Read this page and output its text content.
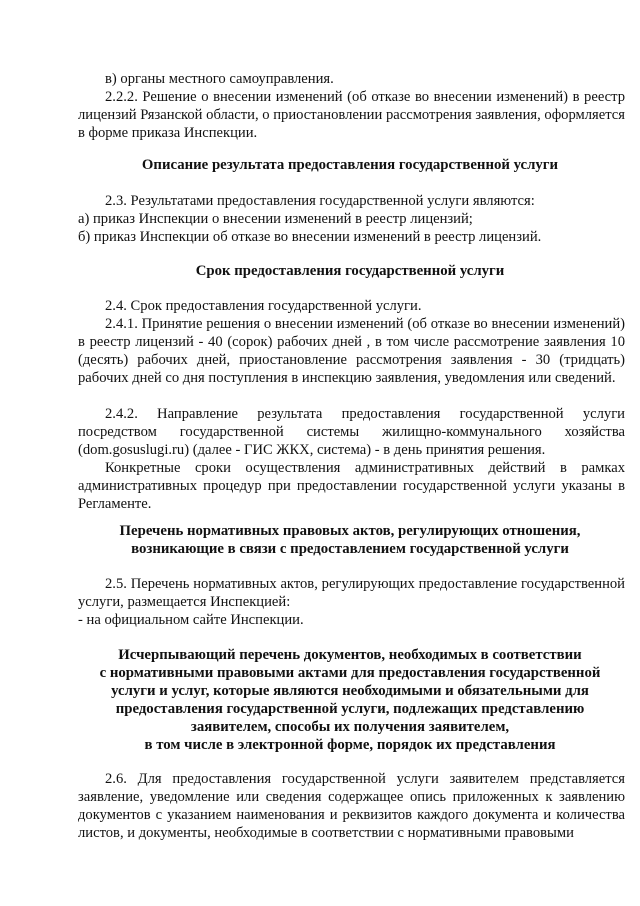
в) органы местного самоуправления.

2.2.2. Решение о внесении изменений (об отказе во внесении изменений) в реестр лицензий Рязанской области, о приостановлении рассмотрения заявления, оформляется в форме приказа Инспекции.

Описание результата предоставления государственной услуги

2.3. Результатами предоставления государственной услуги являются:

а) приказ Инспекции о внесении изменений в реестр лицензий;

б) приказ Инспекции об отказе во внесении изменений в реестр лицензий.

Срок предоставления государственной услуги

2.4. Срок предоставления государственной услуги.

2.4.1. Принятие решения о внесении изменений (об отказе во внесении изменений) в реестр лицензий - 40 (сорок) рабочих дней , в том числе рассмотрение заявления 10 (десять) рабочих дней, приостановление рассмотрения заявления - 30 (тридцать) рабочих дней со дня поступления в инспекцию заявления, уведомления или сведений.

2.4.2. Направление результата предоставления государственной услуги посредством государственной системы жилищно-коммунального хозяйства (dom.gosuslugi.ru) (далее - ГИС ЖКХ, система) - в день принятия решения.

Конкретные сроки осуществления административных действий в рамках административных процедур при предоставлении государственной услуги указаны в Регламенте.

Перечень нормативных правовых актов, регулирующих отношения,
возникающие в связи с предоставлением государственной услуги

2.5. Перечень нормативных актов, регулирующих предоставление государственной услуги, размещается Инспекцией:

- на официальном сайте Инспекции.

Исчерпывающий перечень документов, необходимых в соответствии
с нормативными правовыми актами для предоставления государственной
услуги и услуг, которые являются необходимыми и обязательными для
предоставления государственной услуги, подлежащих представлению
заявителем, способы их получения заявителем,
в том числе в электронной форме, порядок их представления

2.6. Для предоставления государственной услуги заявителем представляется заявление, уведомление или сведения содержащее опись приложенных к заявлению документов с указанием наименования и реквизитов каждого документа и количества листов, и документы, необходимые в соответствии с нормативными правовыми
